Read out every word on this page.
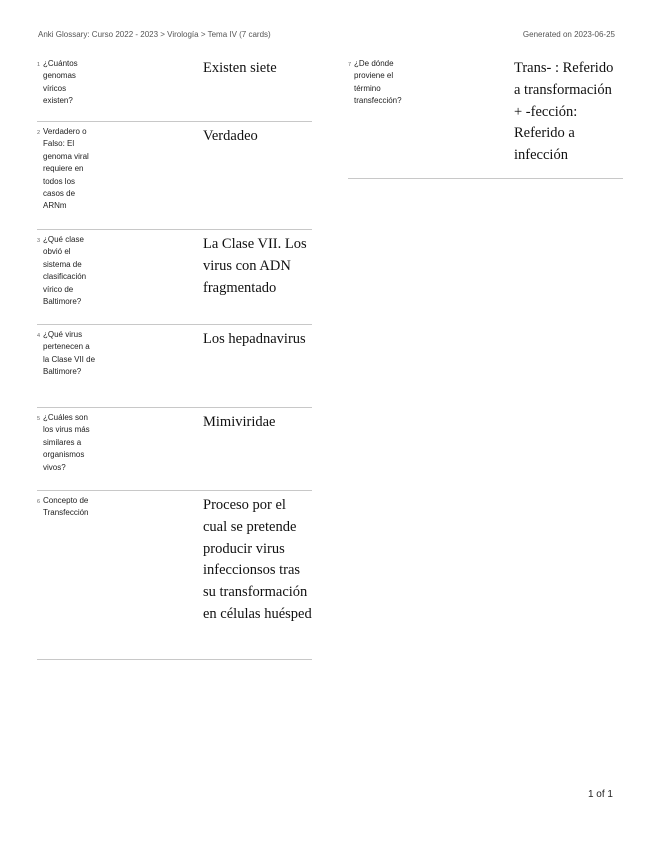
Anki Glossary: Curso 2022 - 2023 > Virología > Tema IV (7 cards)	Generated on 2023-06-25
1 ¿Cuántos genomas víricos existen?
Existen siete
2 Verdadero o Falso: El genoma viral requiere en todos los casos de ARNm
Verdadeo
3 ¿Qué clase obvió el sistema de clasificación vírico de Baltimore?
La Clase VII. Los virus con ADN fragmentado
4 ¿Qué virus pertenecen a la Clase VII de Baltimore?
Los hepadnavirus
5 ¿Cuáles son los virus más similares a organismos vivos?
Mimiviridae
6 Concepto de Transfección	Proceso por el cual se pretende producir virus infeccionsos tras su transformación en células huésped
7 ¿De dónde proviene el término transfección?
Trans- : Referido a transformación + -fección: Referido a infección
1 of 1
